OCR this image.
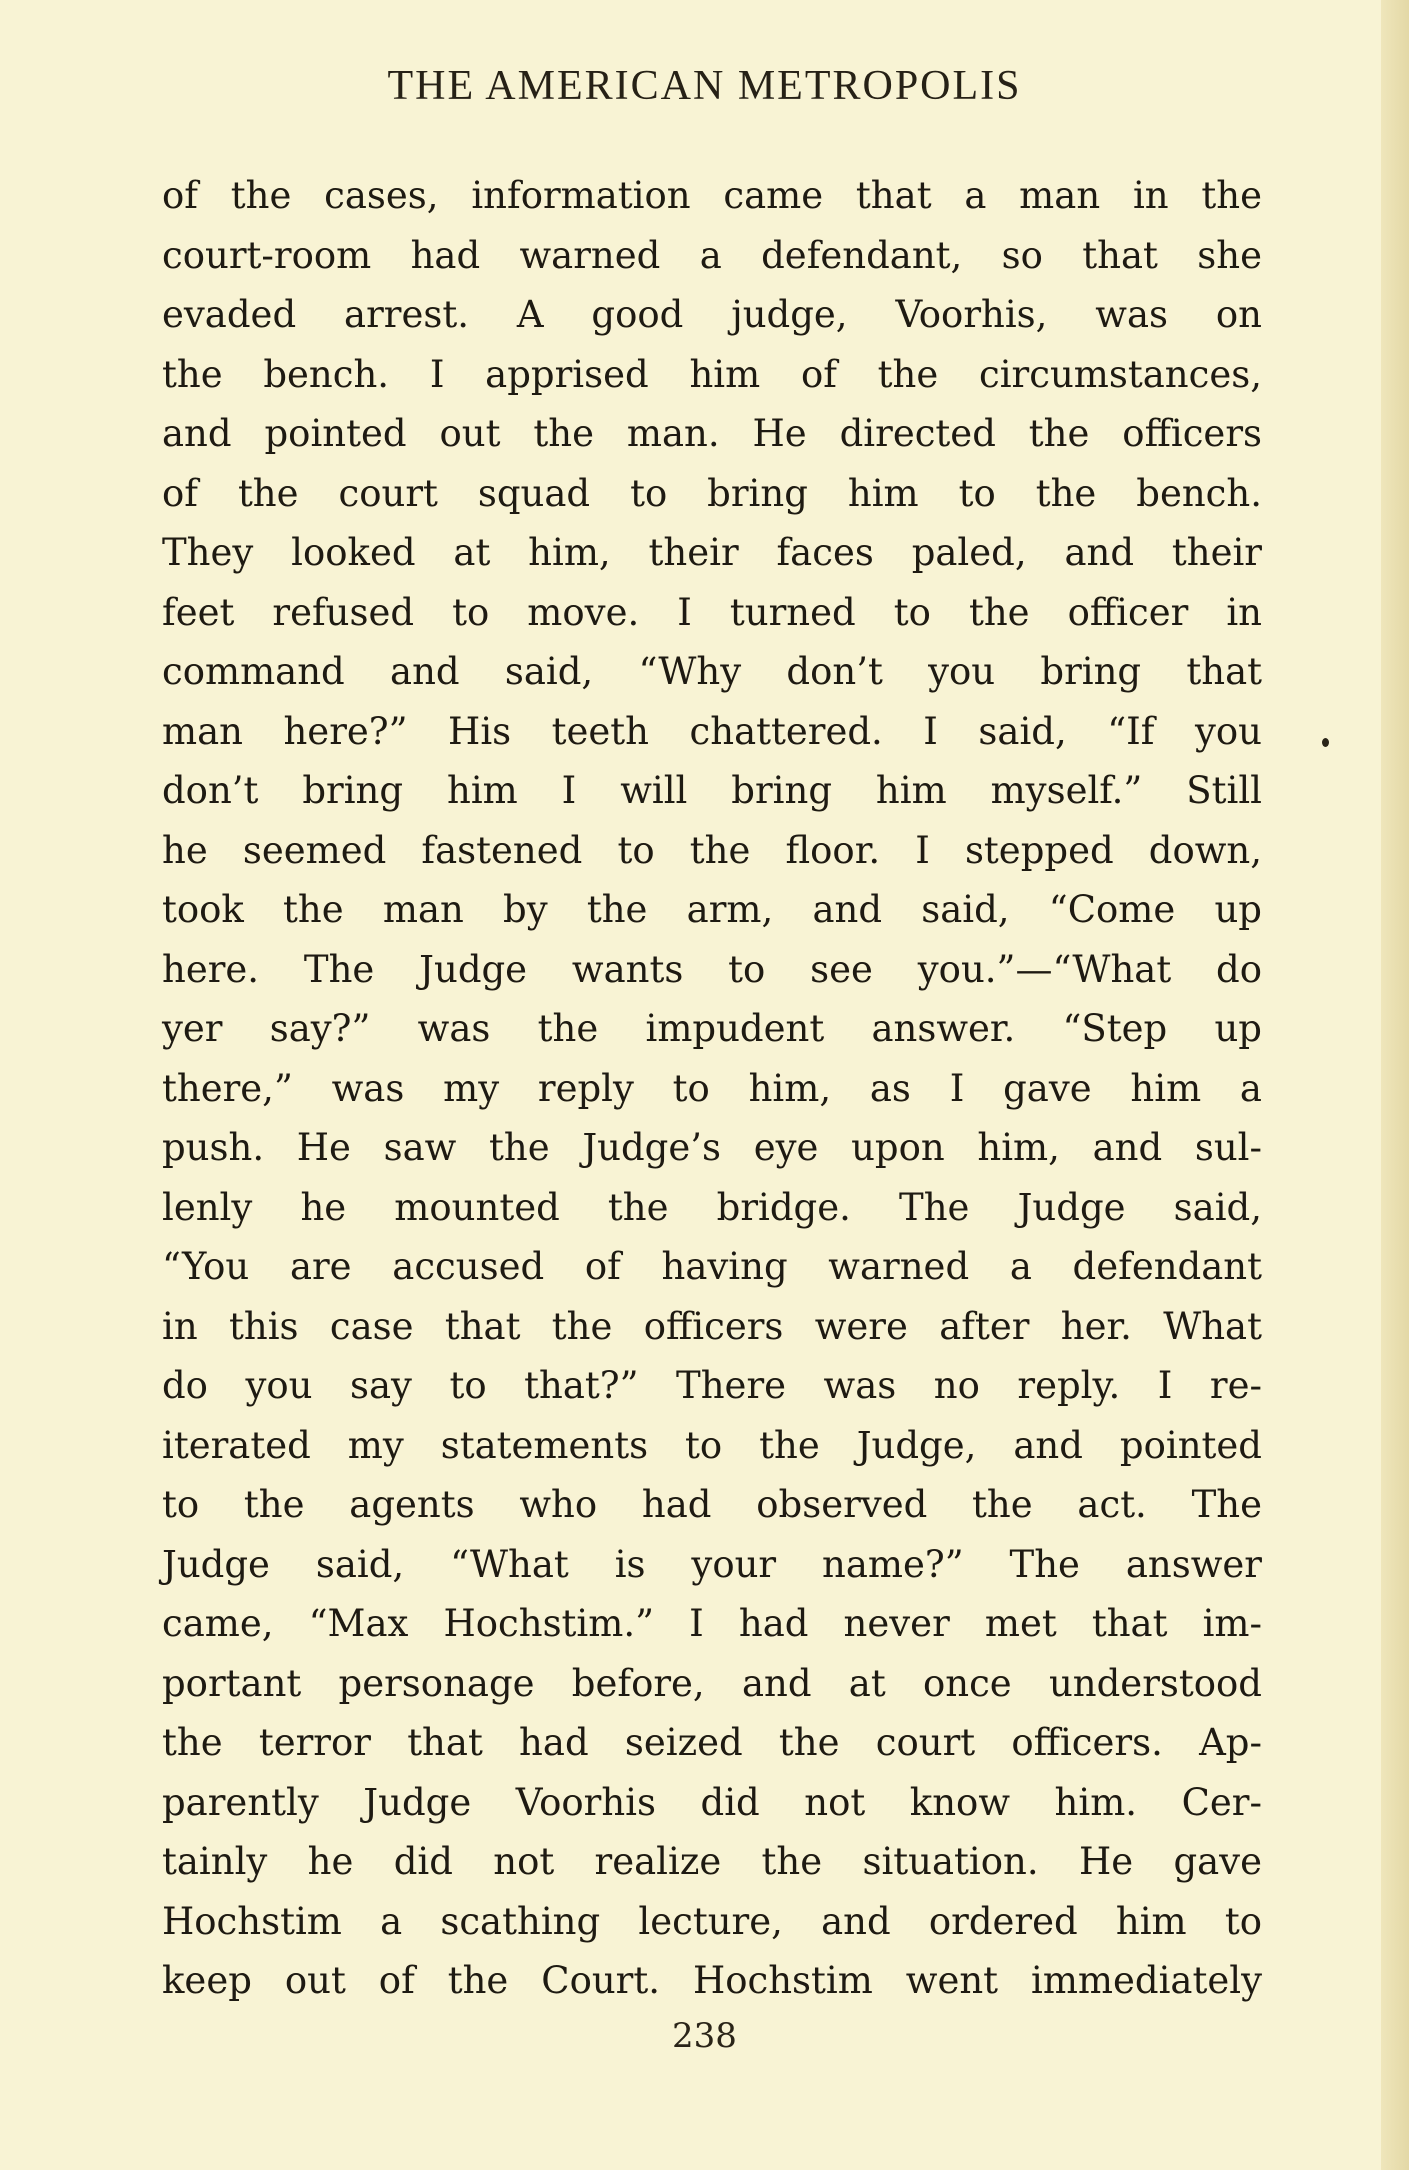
THE AMERICAN METROPOLIS
of the cases, information came that a man in the
court-room had warned a defendant, so that she
evaded arrest. A good judge, Voorhis, was on
the bench. I apprised him of the circumstances,
and pointed out the man. He directed the officers
of the court squad to bring him to the bench.
They looked at him, their faces paled, and their
feet refused to move. I turned to the officer in
command and said, “Why don’t you bring that
man here?” His teeth chattered. I said, “If you
don’t bring him I will bring him myself.” Still
he seemed fastened to the floor. I stepped down,
took the man by the arm, and said, “Come up
here. The Judge wants to see you.”—“What do
yer say?” was the impudent answer. “Step up
there,” was my reply to him, as I gave him a
push. He saw the Judge’s eye upon him, and sul-
lenly he mounted the bridge. The Judge said,
“You are accused of having warned a defendant
in this case that the officers were after her. What
do you say to that?” There was no reply. I re-
iterated my statements to the Judge, and pointed
to the agents who had observed the act. The
Judge said, “What is your name?” The answer
came, “Max Hochstim.” I had never met that im-
portant personage before, and at once understood
the terror that had seized the court officers. Ap-
parently Judge Voorhis did not know him. Cer-
tainly he did not realize the situation. He gave
Hochstim a scathing lecture, and ordered him to
keep out of the Court. Hochstim went immediately
238
